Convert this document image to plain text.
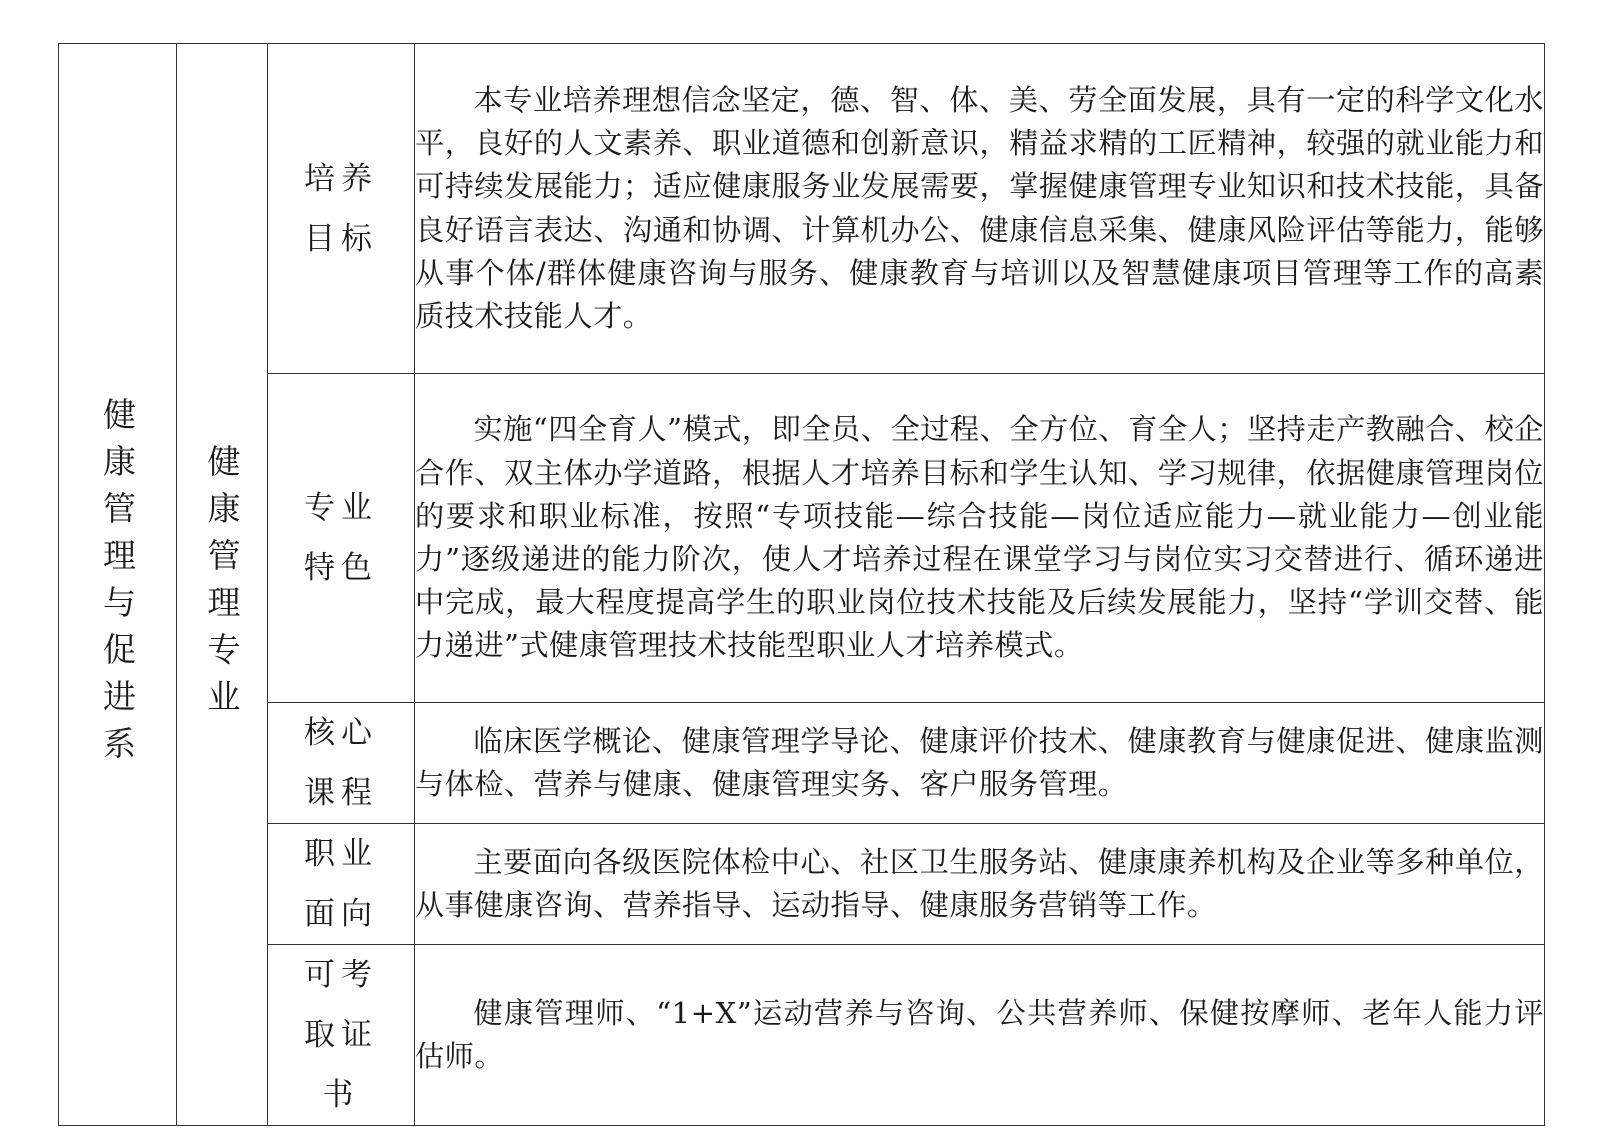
健康管理与促进系	健康管理专业	培养目标	本专业培养理想信念坚定，德、智、体、美、劳全面发展，具有一定的科学文化水平，良好的人文素养、职业道德和创新意识，精益求精的工匠精神，较强的就业能力和可持续发展能力；适应健康服务业发展需要，掌握健康管理专业知识和技术技能，具备良好语言表达、沟通和协调、计算机办公、健康信息采集、健康风险评估等能力，能够从事个体/群体健康咨询与服务、健康教育与培训以及智慧健康项目管理等工作的高素质技术技能人才。

		专业特色	实施“四全育人”模式，即全员、全过程、全方位、育全人；坚持走产教融合、校企合作、双主体办学道路，根据人才培养目标和学生认知、学习规律，依据健康管理岗位的要求和职业标准，按照“专项技能—综合技能—岗位适应能力—就业能力—创业能力”逐级递进的能力阶次，使人才培养过程在课堂学习与岗位实习交替进行、循环递进中完成，最大程度提高学生的职业岗位技术技能及后续发展能力，坚持“学训交替、能力递进”式健康管理技术技能型职业人才培养模式。

		核心课程	临床医学概论、健康管理学导论、健康评价技术、健康教育与健康促进、健康监测与体检、营养与健康、健康管理实务、客户服务管理。

		职业面向	主要面向各级医院体检中心、社区卫生服务站、健康康养机构及企业等多种单位，从事健康咨询、营养指导、运动指导、健康服务营销等工作。

		可考取证书	健康管理师、“1+X”运动营养与咨询、公共营养师、保健按摩师、老年人能力评估师。
